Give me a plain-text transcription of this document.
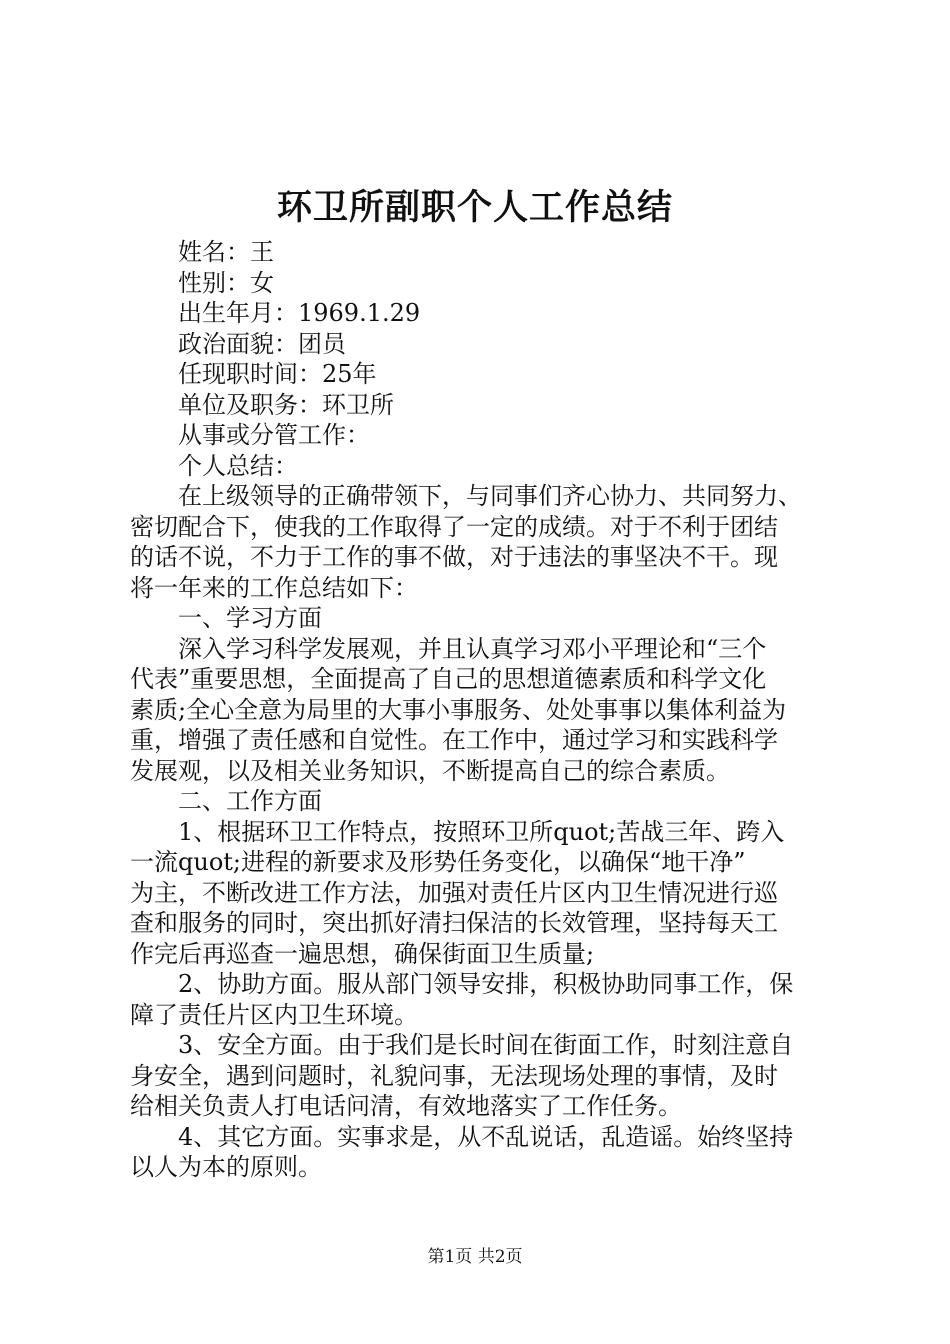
环卫所副职个人工作总结

姓名：王

性别：女

出生年月：1969.1.29

政治面貌：团员

任现职时间：25年

单位及职务：环卫所

从事或分管工作：

个人总结：

在上级领导的正确带领下，与同事们齐心协力、共同努力、

密切配合下，使我的工作取得了一定的成绩。对于不利于团结

的话不说，不力于工作的事不做，对于违法的事坚决不干。现

将一年来的工作总结如下：

一、学习方面

深入学习科学发展观，并且认真学习邓小平理论和“三个

代表”重要思想，全面提高了自己的思想道德素质和科学文化

素质;全心全意为局里的大事小事服务、处处事事以集体利益为

重，增强了责任感和自觉性。在工作中，通过学习和实践科学

发展观，以及相关业务知识，不断提高自己的综合素质。

二、工作方面

1、根据环卫工作特点，按照环卫所quot;苦战三年、跨入

一流quot;进程的新要求及形势任务变化，以确保“地干净”

为主，不断改进工作方法，加强对责任片区内卫生情况进行巡

查和服务的同时，突出抓好清扫保洁的长效管理，坚持每天工

作完后再巡查一遍思想，确保街面卫生质量;

2、协助方面。服从部门领导安排，积极协助同事工作，保

障了责任片区内卫生环境。

3、安全方面。由于我们是长时间在街面工作，时刻注意自

身安全，遇到问题时，礼貌问事，无法现场处理的事情，及时

给相关负责人打电话问清，有效地落实了工作任务。

4、其它方面。实事求是，从不乱说话，乱造谣。始终坚持

以人为本的原则。

第1页 共2页
